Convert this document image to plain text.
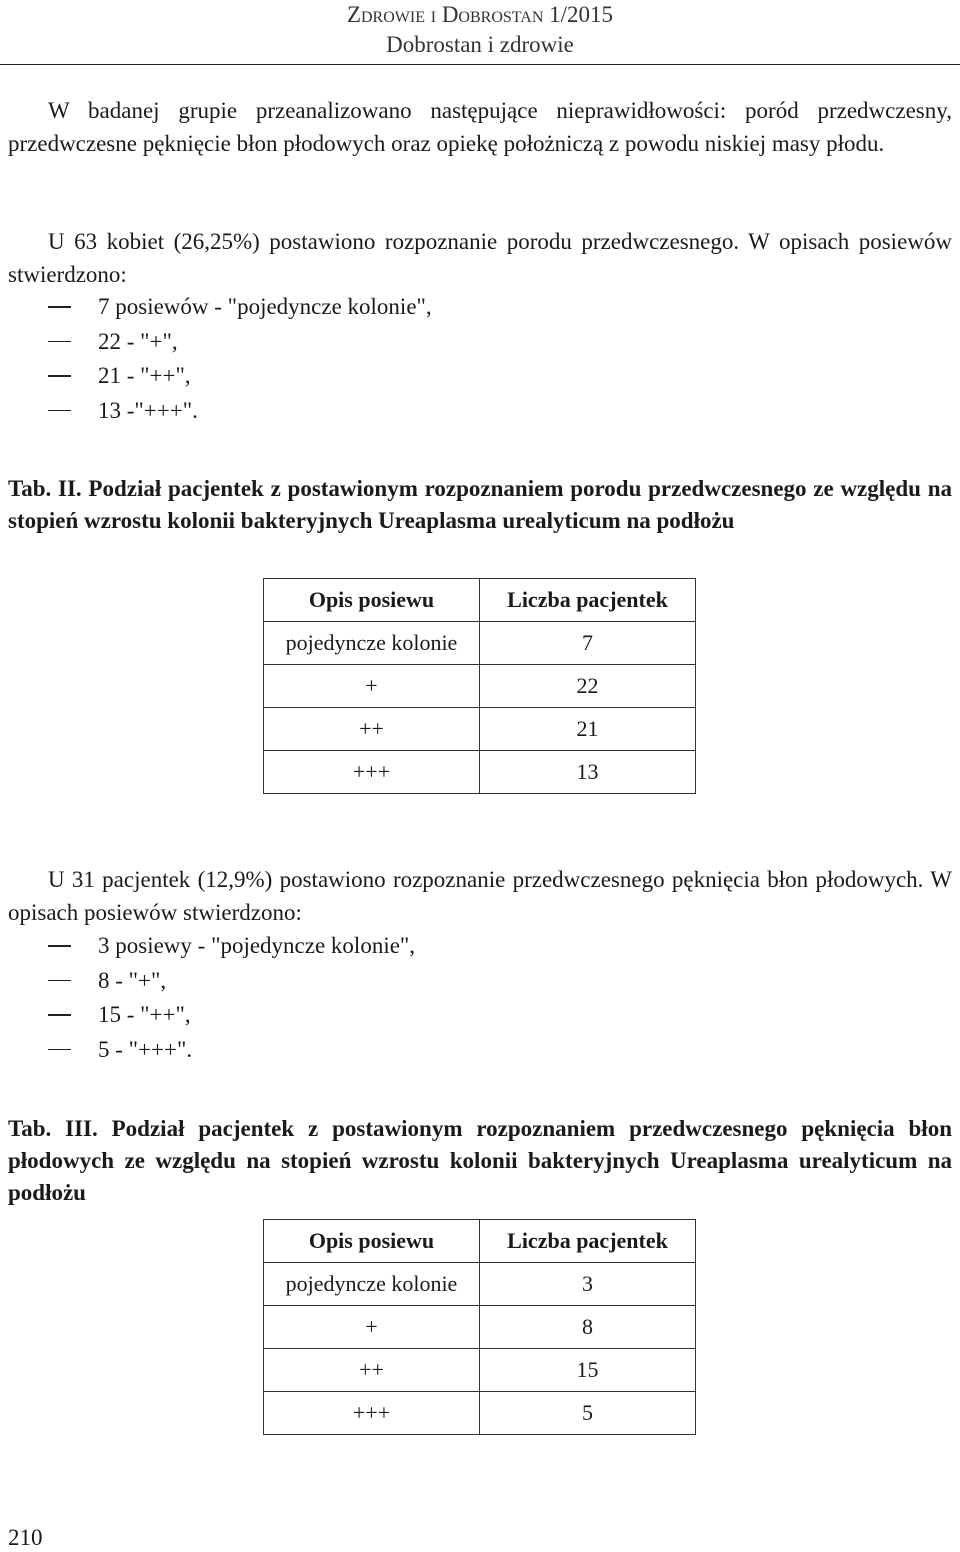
Zdrowie i Dobrostan 1/2015
Dobrostan i zdrowie
W badanej grupie przeanalizowano następujące nieprawidłowości: poród przedwczesny, przedwczesne pęknięcie błon płodowych oraz opiekę położniczą z powodu niskiej masy płodu.
U 63 kobiet (26,25%) postawiono rozpoznanie porodu przedwczesnego. W opisach posiewów stwierdzono:
7 posiewów - "pojedyncze kolonie",
22 - "+",
21 - "++",
13 -"+++".
Tab. II. Podział pacjentek z postawionym rozpoznaniem porodu przedwczesnego ze względu na stopień wzrostu kolonii bakteryjnych Ureaplasma urealyticum na podłożu
Opis posiewu	Liczba pacjentek
pojedyncze kolonie	7
+	22
++	21
+++	13
U 31 pacjentek (12,9%) postawiono rozpoznanie przedwczesnego pęknięcia błon płodowych. W opisach posiewów stwierdzono:
3 posiewy - "pojedyncze kolonie",
8 - "+",
15 - "++",
5 - "+++".
Tab. III. Podział pacjentek z postawionym rozpoznaniem przedwczesnego pęknięcia błon płodowych ze względu na stopień wzrostu kolonii bakteryjnych Ureaplasma urealyticum na podłożu
Opis posiewu	Liczba pacjentek
pojedyncze kolonie	3
+	8
++	15
+++	5
210
